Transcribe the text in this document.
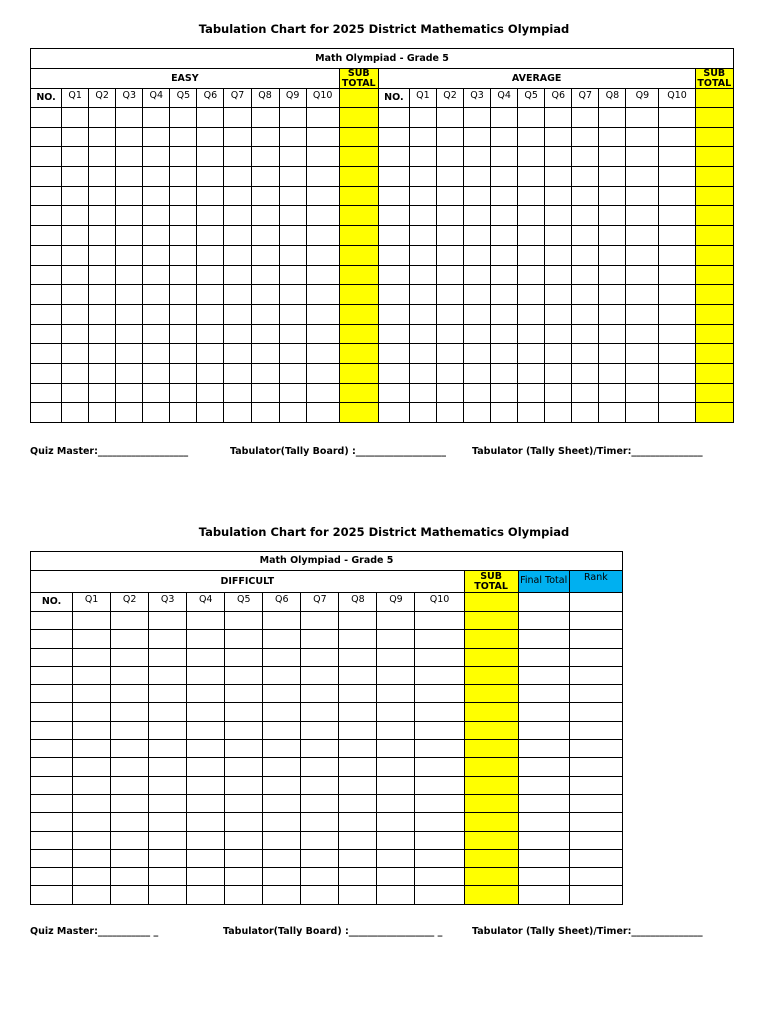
Tabulation Chart for 2025 District Mathematics Olympiad
Math Olympiad - Grade 5																							
EASY											SUB TOTAL	AVERAGE											SUB TOTAL
NO.	Q1	Q2	Q3	Q4	Q5	Q6	Q7	Q8	Q9	Q10		NO.	Q1	Q2	Q3	Q4	Q5	Q6	Q7	Q8	Q9	Q10	

Quiz Master:___________________	Tabulator(Tally Board) :___________________	Tabulator (Tally Sheet)/Timer:_______________

Tabulation Chart for 2025 District Mathematics Olympiad
Math Olympiad - Grade 5													
DIFFICULT											SUB TOTAL	Final Total	Rank
NO.	Q1	Q2	Q3	Q4	Q5	Q6	Q7	Q8	Q9	Q10			

Quiz Master:___________ _	Tabulator(Tally Board) :__________________ _	Tabulator (Tally Sheet)/Timer:_______________
